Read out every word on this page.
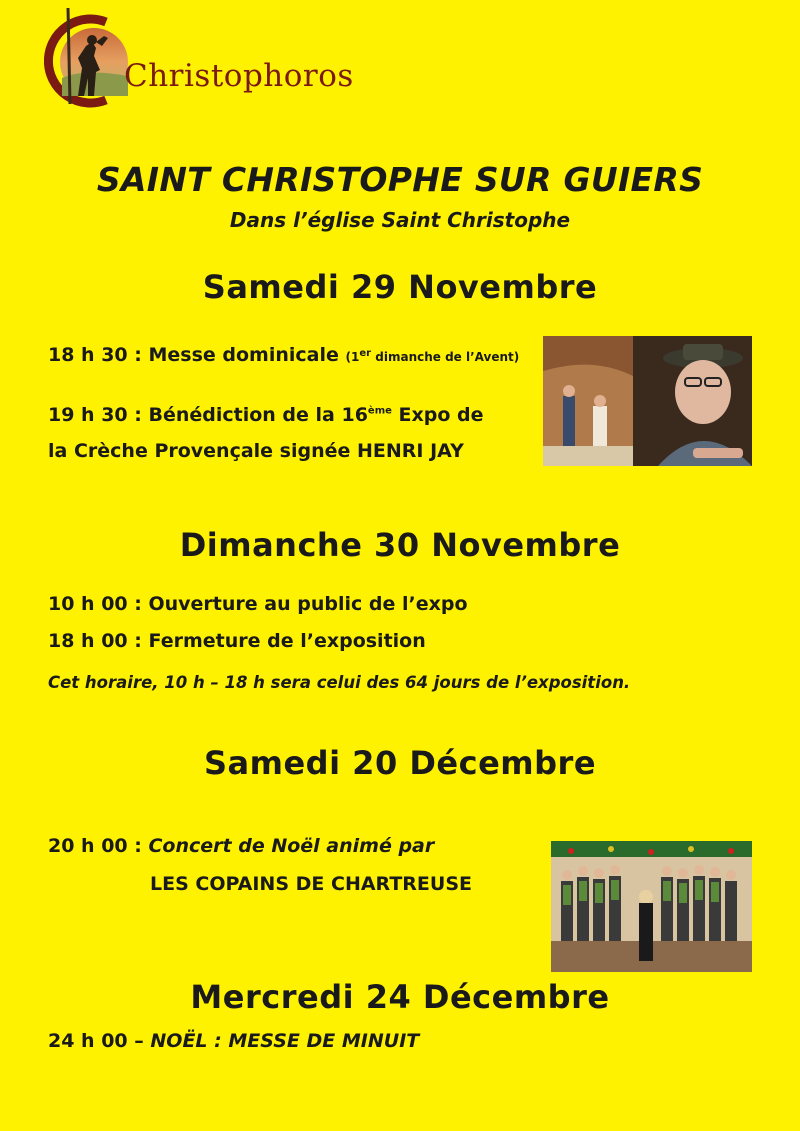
Christophoros
SAINT CHRISTOPHE SUR GUIERS
Dans l’église Saint Christophe
Samedi 29 Novembre
18 h 30 : Messe dominicale (1er dimanche de l’Avent)
19 h 30 : Bénédiction de la 16ème Expo de
la Crèche Provençale signée HENRI JAY
Dimanche 30 Novembre
10 h 00 : Ouverture au public de l’expo
18 h 00 : Fermeture de l’exposition
Cet horaire, 10 h – 18 h sera celui des 64 jours de l’exposition.
Samedi 20 Décembre
20 h 00 : Concert de Noël animé par
LES COPAINS DE CHARTREUSE
Mercredi 24 Décembre
24 h 00 – NOËL : MESSE DE MINUIT
